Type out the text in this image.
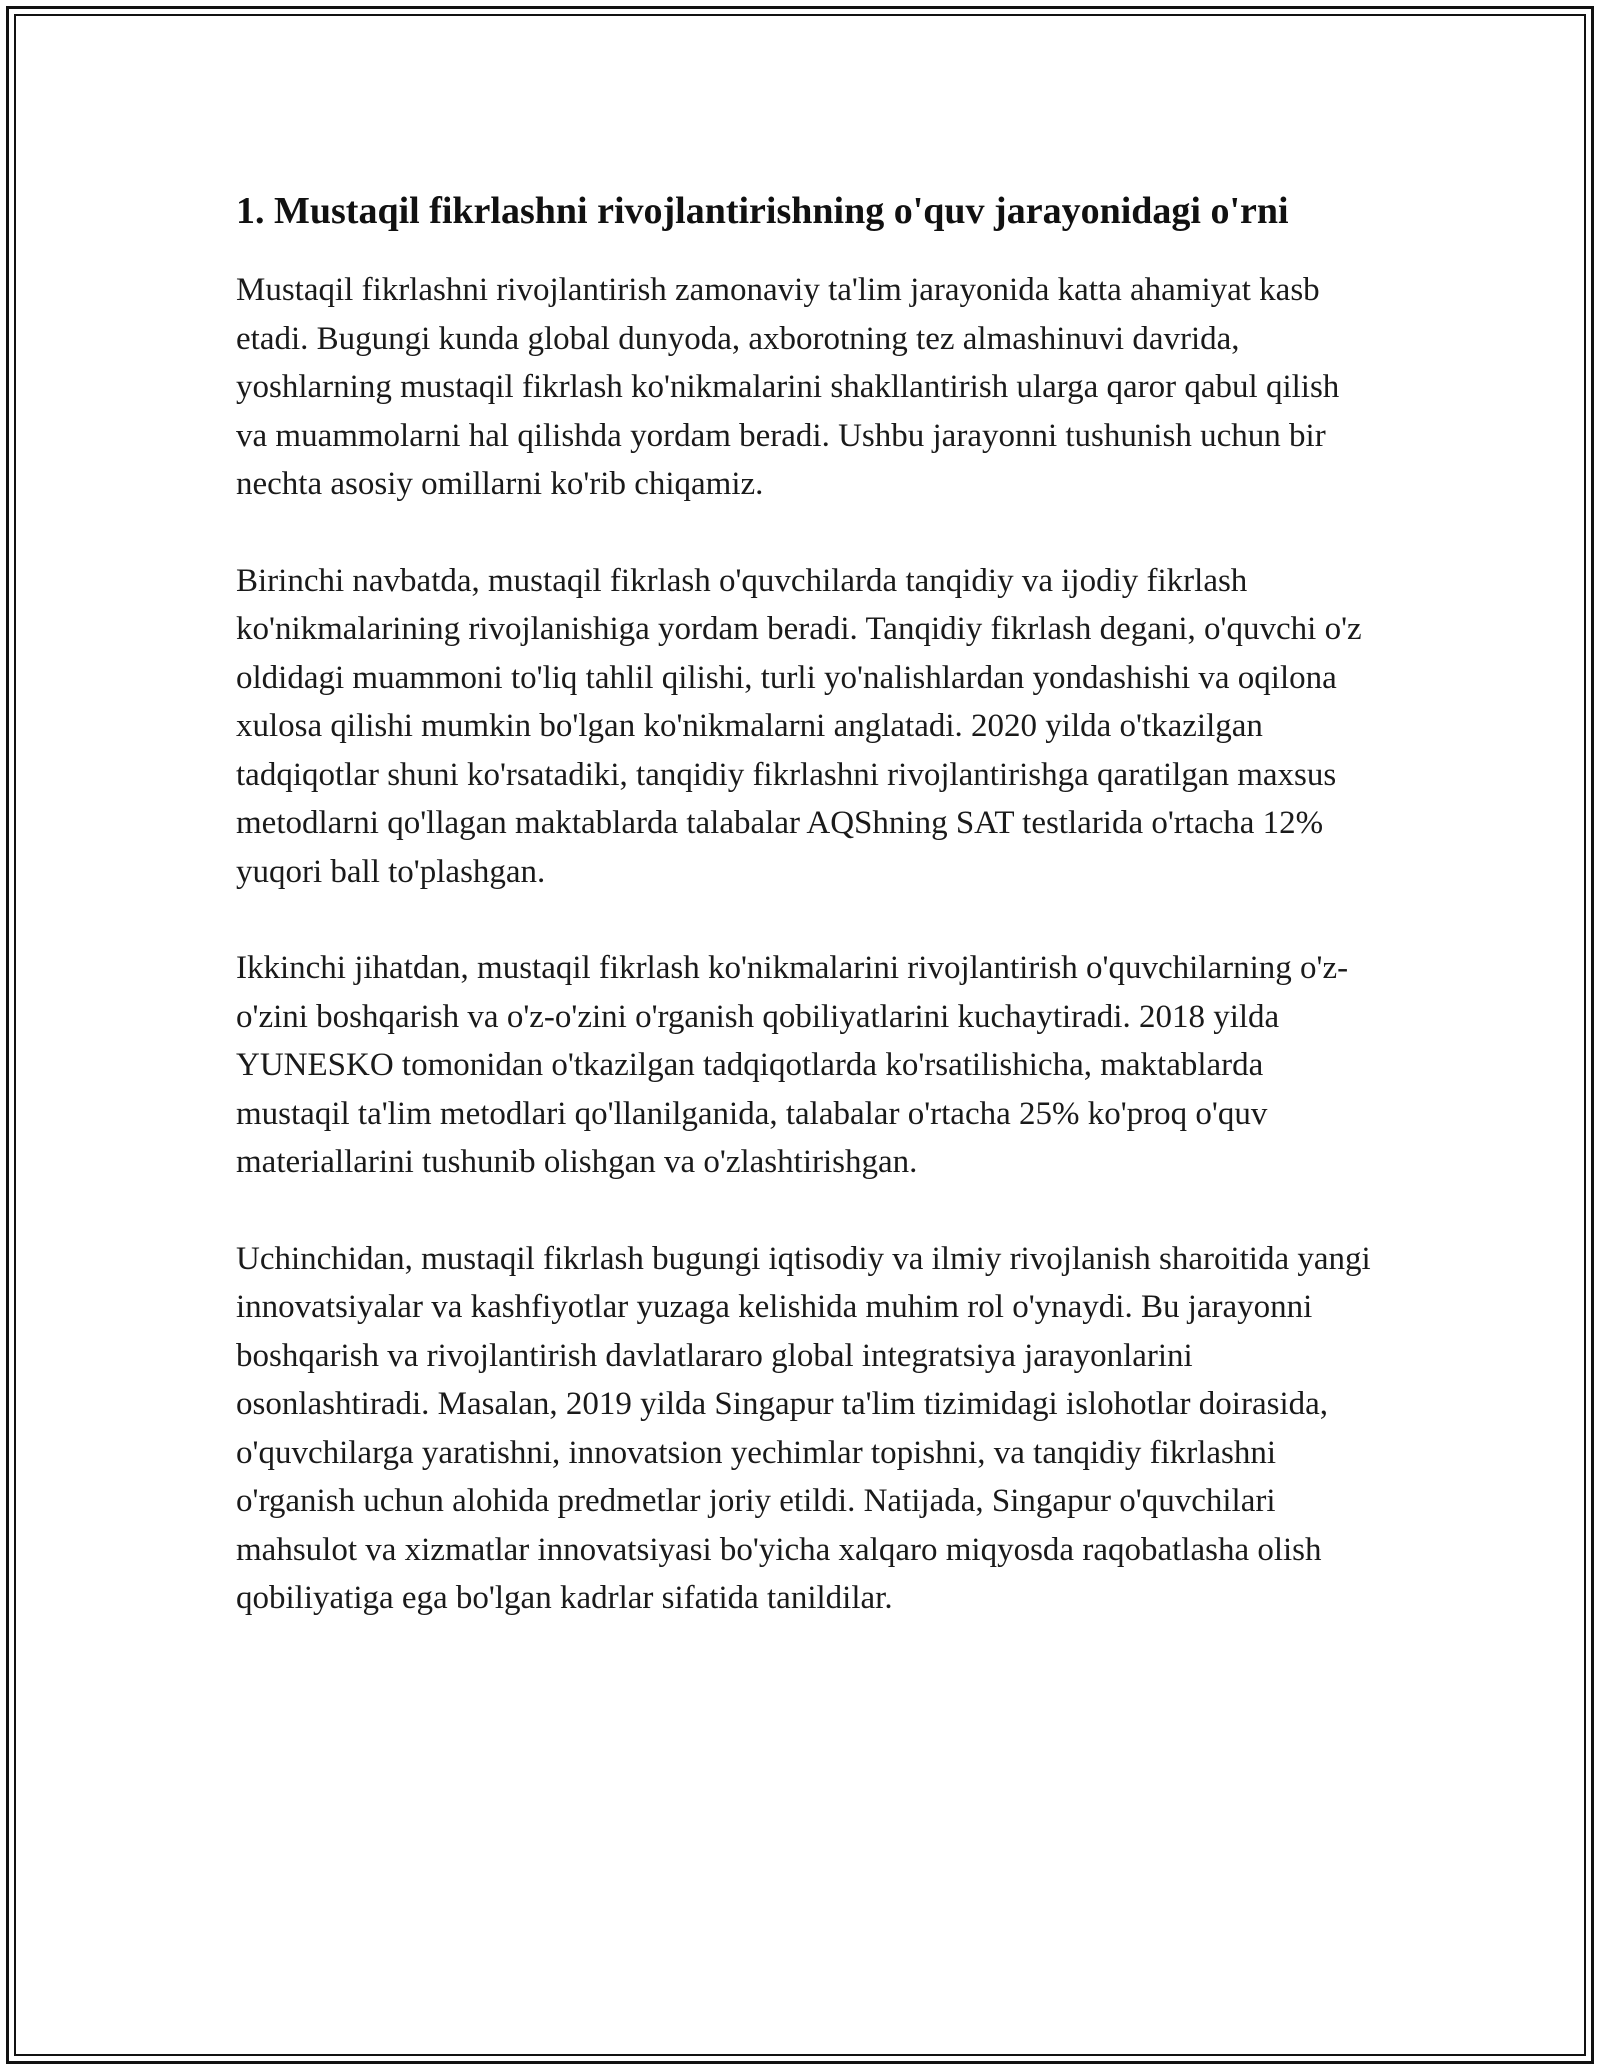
1. Mustaqil fikrlashni rivojlantirishning o'quv jarayonidagi o'rni

Mustaqil fikrlashni rivojlantirish zamonaviy ta'lim jarayonida katta ahamiyat kasb etadi. Bugungi kunda global dunyoda, axborotning tez almashinuvi davrida, yoshlarning mustaqil fikrlash ko'nikmalarini shakllantirish ularga qaror qabul qilish va muammolarni hal qilishda yordam beradi. Ushbu jarayonni tushunish uchun bir nechta asosiy omillarni ko'rib chiqamiz.

Birinchi navbatda, mustaqil fikrlash o'quvchilarda tanqidiy va ijodiy fikrlash ko'nikmalarining rivojlanishiga yordam beradi. Tanqidiy fikrlash degani, o'quvchi o'z oldidagi muammoni to'liq tahlil qilishi, turli yo'nalishlardan yondashishi va oqilona xulosa qilishi mumkin bo'lgan ko'nikmalarni anglatadi. 2020 yilda o'tkazilgan tadqiqotlar shuni ko'rsatadiki, tanqidiy fikrlashni rivojlantirishga qaratilgan maxsus metodlarni qo'llagan maktablarda talabalar AQShning SAT testlarida o'rtacha 12% yuqori ball to'plashgan.

Ikkinchi jihatdan, mustaqil fikrlash ko'nikmalarini rivojlantirish o'quvchilarning o'z-o'zini boshqarish va o'z-o'zini o'rganish qobiliyatlarini kuchaytiradi. 2018 yilda YUNESKO tomonidan o'tkazilgan tadqiqotlarda ko'rsatilishicha, maktablarda mustaqil ta'lim metodlari qo'llanilganida, talabalar o'rtacha 25% ko'proq o'quv materiallarini tushunib olishgan va o'zlashtirishgan.

Uchinchidan, mustaqil fikrlash bugungi iqtisodiy va ilmiy rivojlanish sharoitida yangi innovatsiyalar va kashfiyotlar yuzaga kelishida muhim rol o'ynaydi. Bu jarayonni boshqarish va rivojlantirish davlatlararo global integratsiya jarayonlarini osonlashtiradi. Masalan, 2019 yilda Singapur ta'lim tizimidagi islohotlar doirasida, o'quvchilarga yaratishni, innovatsion yechimlar topishni, va tanqidiy fikrlashni o'rganish uchun alohida predmetlar joriy etildi. Natijada, Singapur o'quvchilari mahsulot va xizmatlar innovatsiyasi bo'yicha xalqaro miqyosda raqobatlasha olish qobiliyatiga ega bo'lgan kadrlar sifatida tanildilar.
